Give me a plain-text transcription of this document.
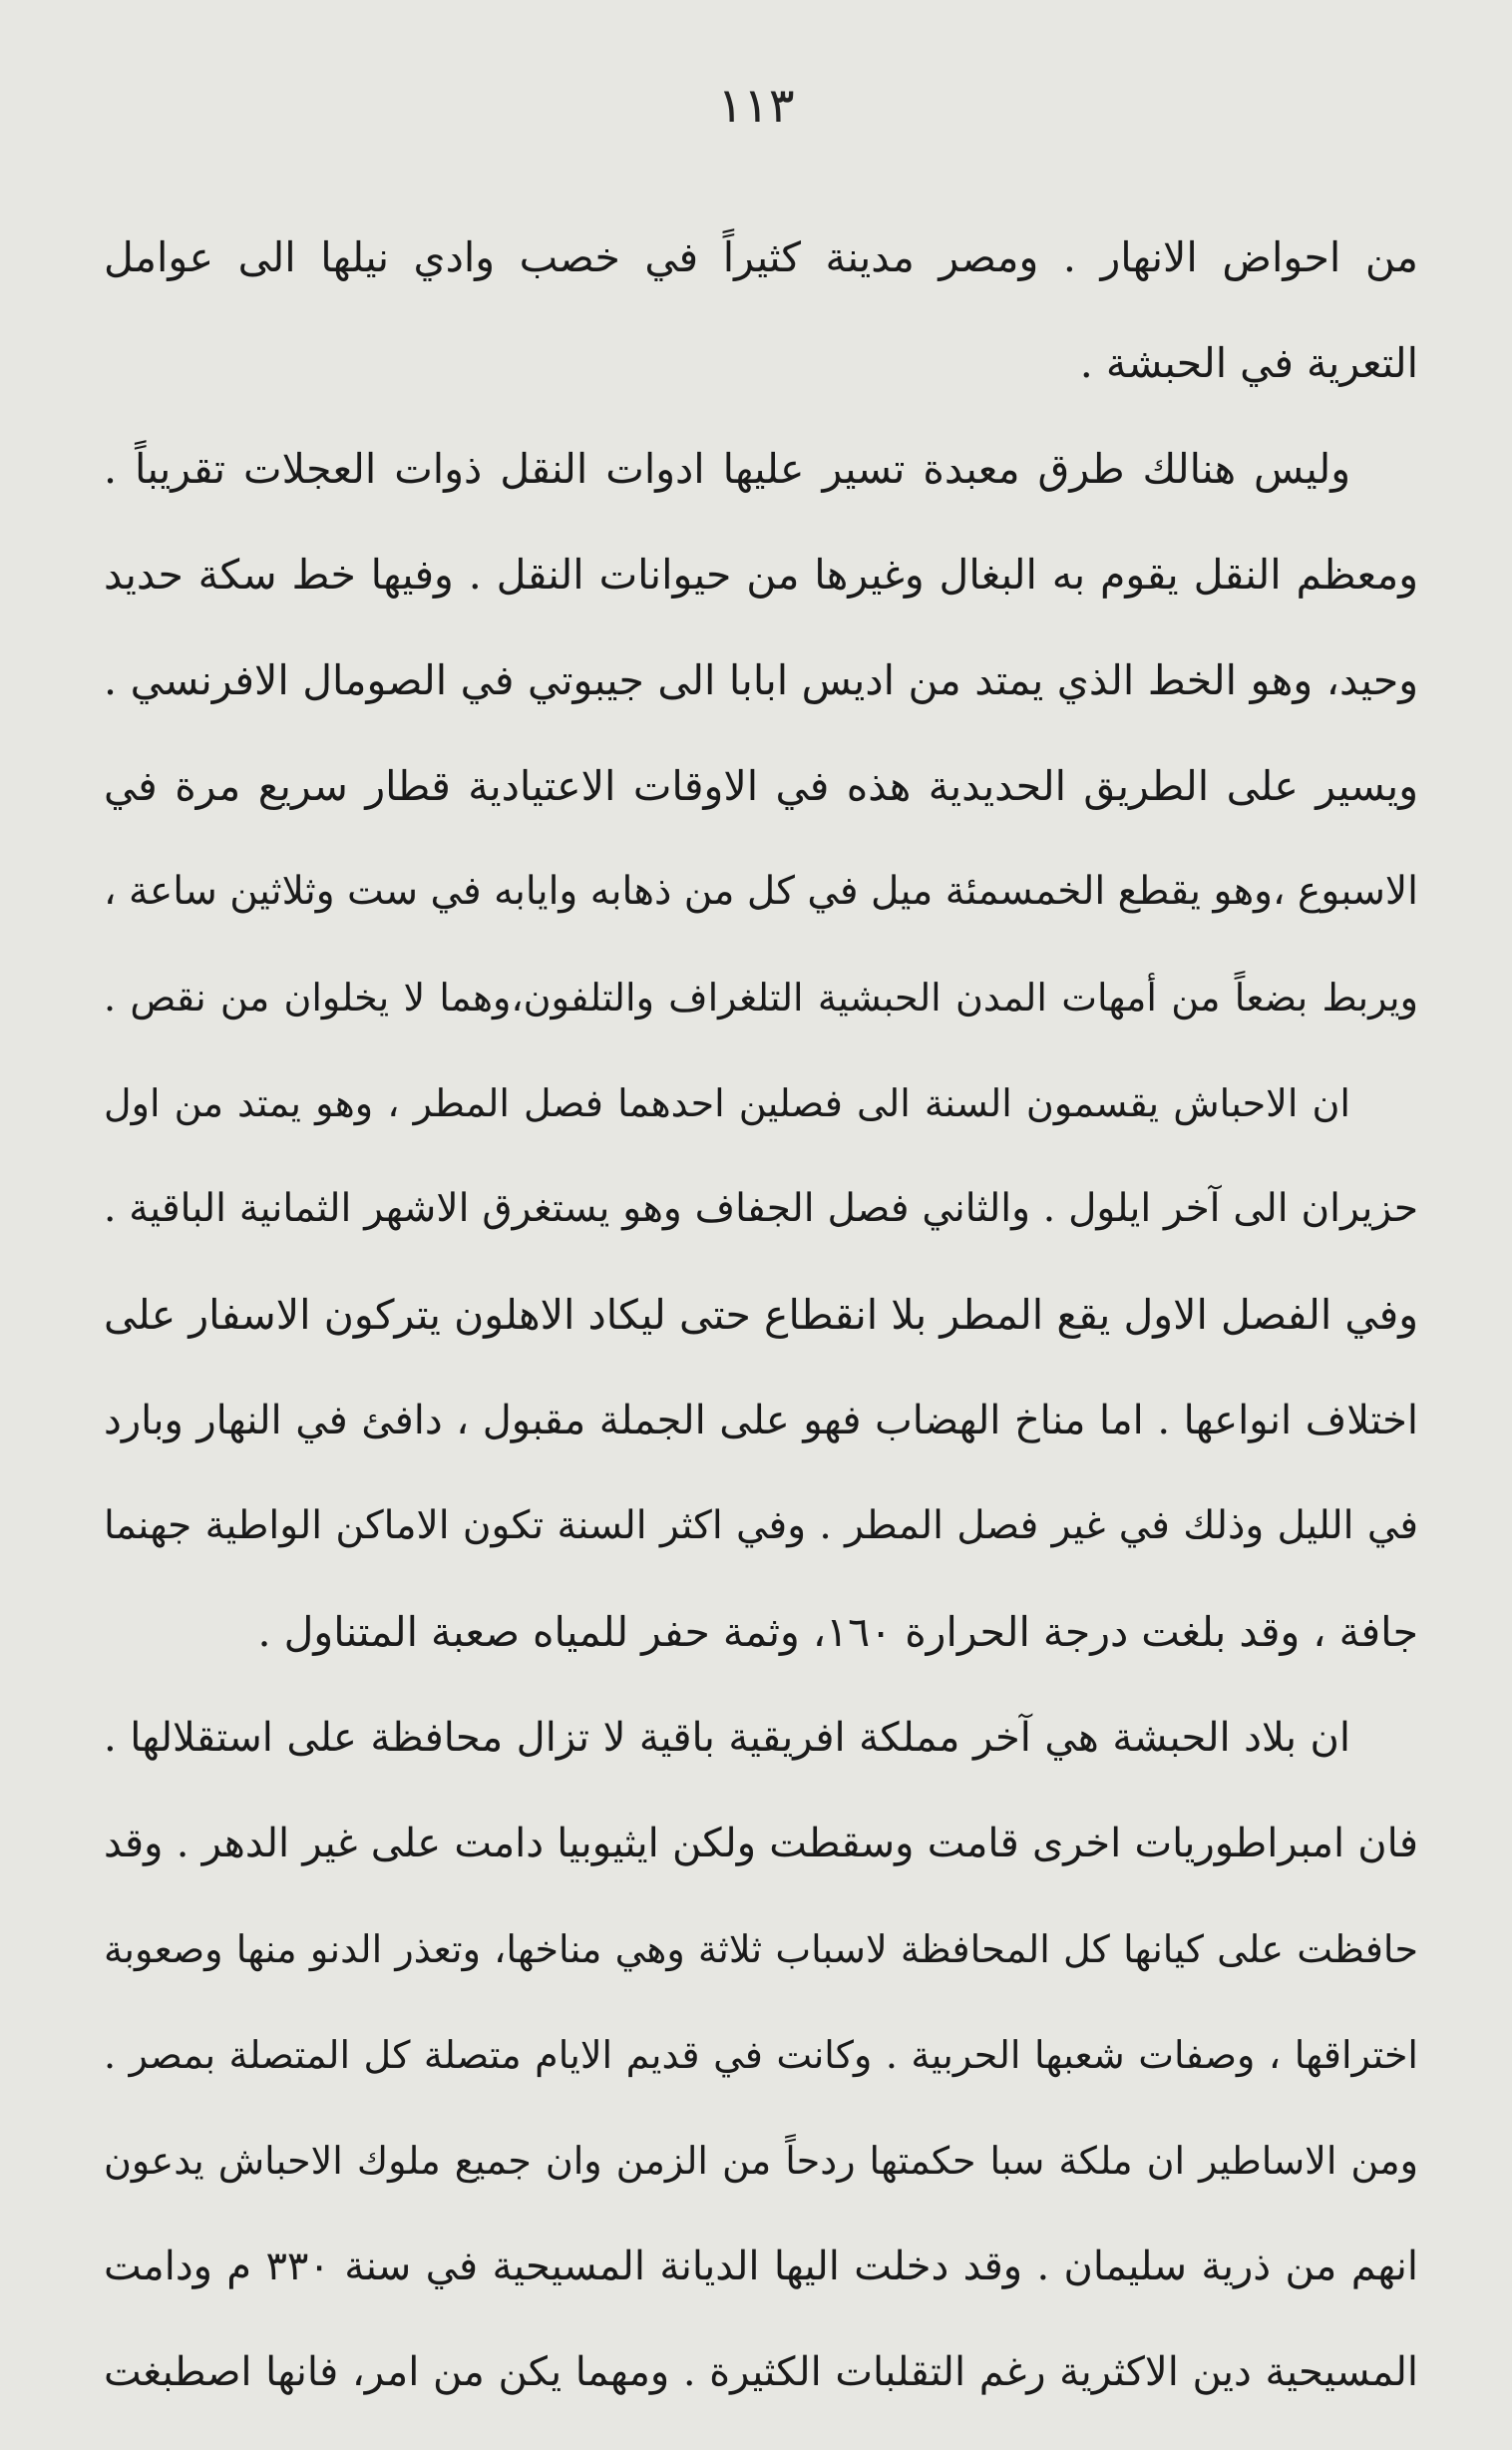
١١٣
من احواض الانهار . ومصر مدينة كثيراً في خصب وادي نيلها الى عوامل
التعرية في الحبشة .
وليس هنالك طرق معبدة تسير عليها ادوات النقل ذوات العجلات تقريباً .
ومعظم النقل يقوم به البغال وغيرها من حيوانات النقل . وفيها خط سكة حديد
وحيد، وهو الخط الذي يمتد من اديس ابابا الى جيبوتي في الصومال الافرنسي .
ويسير على الطريق الحديدية هذه في الاوقات الاعتيادية قطار سريع مرة في
الاسبوع ،وهو يقطع الخمسمئة ميل في كل من ذهابه وايابه في ست وثلاثين ساعة ،
ويربط بضعاً من أمهات المدن الحبشية التلغراف والتلفون،وهما لا يخلوان من نقص .
ان الاحباش يقسمون السنة الى فصلين احدهما فصل المطر ، وهو يمتد من اول
حزيران الى آخر ايلول . والثاني فصل الجفاف وهو يستغرق الاشهر الثمانية الباقية .
وفي الفصل الاول يقع المطر بلا انقطاع حتى ليكاد الاهلون يتركون الاسفار على
اختلاف انواعها . اما مناخ الهضاب فهو على الجملة مقبول ، دافئ في النهار وبارد
في الليل وذلك في غير فصل المطر . وفي اكثر السنة تكون الاماكن الواطية جهنما
جافة ، وقد بلغت درجة الحرارة ١٦٠، وثمة حفر للمياه صعبة المتناول .
ان بلاد الحبشة هي آخر مملكة افريقية باقية لا تزال محافظة على استقلالها .
فان امبراطوريات اخرى قامت وسقطت ولكن ايثيوبيا دامت على غير الدهر . وقد
حافظت على كيانها كل المحافظة لاسباب ثلاثة وهي مناخها، وتعذر الدنو منها وصعوبة
اختراقها ، وصفات شعبها الحربية . وكانت في قديم الايام متصلة كل المتصلة بمصر .
ومن الاساطير ان ملكة سبا حكمتها ردحاً من الزمن وان جميع ملوك الاحباش يدعون
انهم من ذرية سليمان . وقد دخلت اليها الديانة المسيحية في سنة ٣٣٠ م ودامت
المسيحية دين الاكثرية رغم التقلبات الكثيرة . ومهما يكن من امر، فانها اصطبغت
